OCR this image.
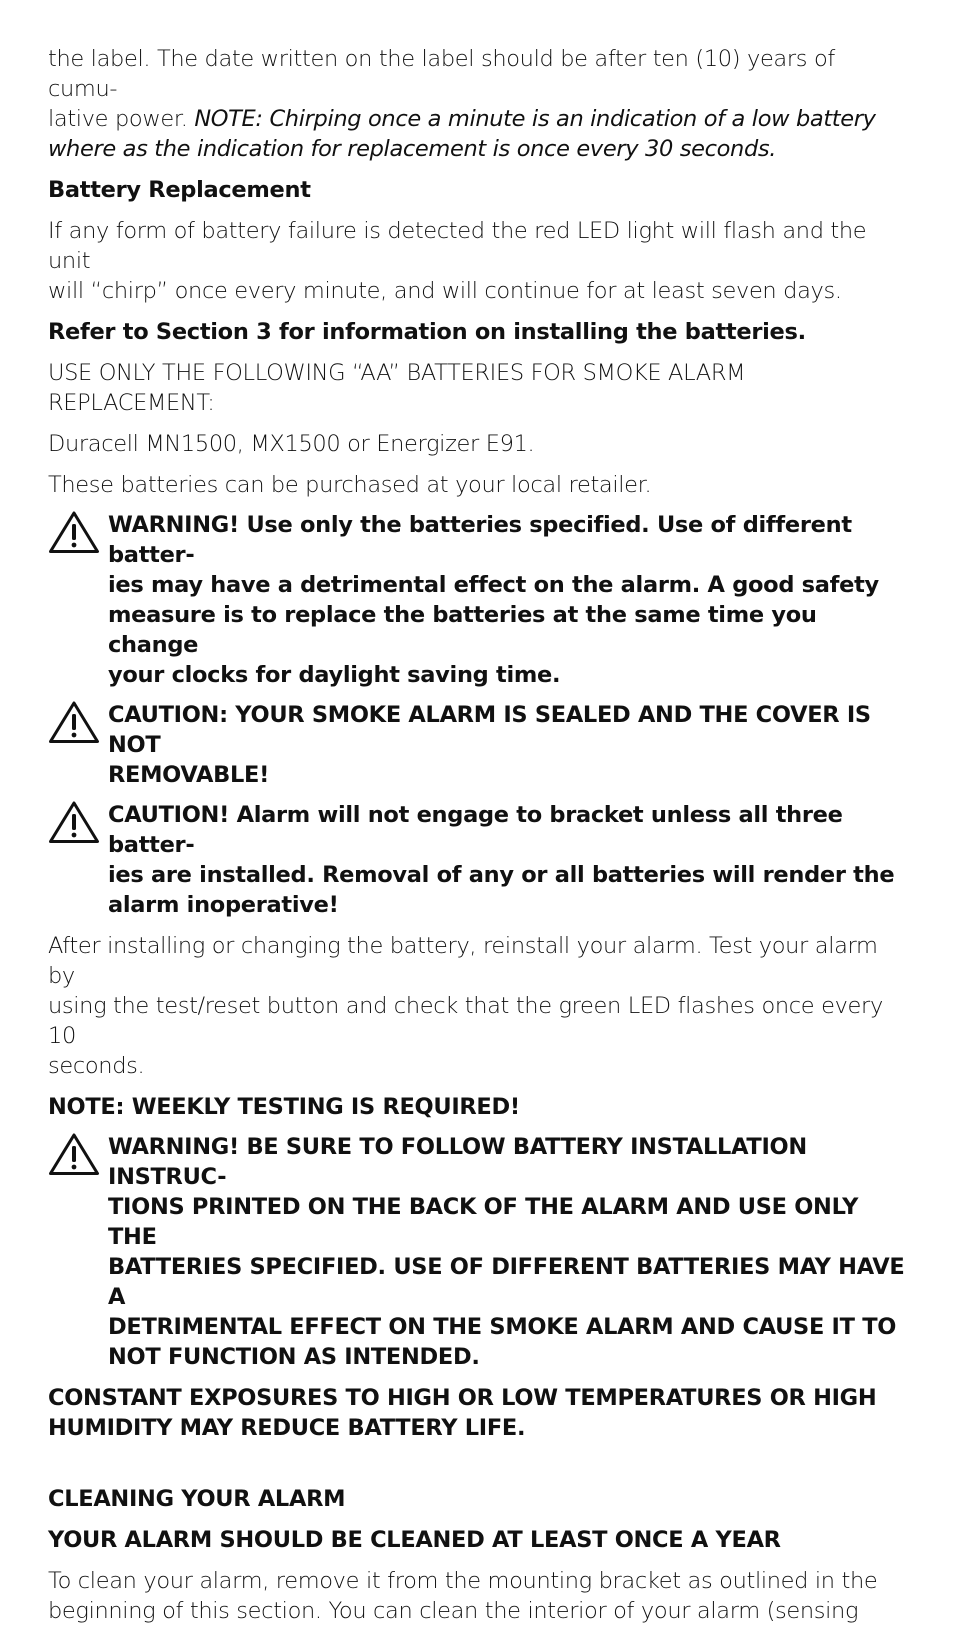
the label. The date written on the label should be after ten (10) years of cumu-
lative power. NOTE: Chirping once a minute is an indication of a low battery
where as the indication for replacement is once every 30 seconds.

Battery Replacement

If any form of battery failure is detected the red LED light will flash and the unit
will “chirp” once every minute, and will continue for at least seven days.

Refer to Section 3 for information on installing the batteries.

USE ONLY THE FOLLOWING “AA” BATTERIES FOR SMOKE ALARM REPLACEMENT:

Duracell MN1500, MX1500 or Energizer E91.

These batteries can be purchased at your local retailer.

WARNING! Use only the batteries specified. Use of different batter-
ies may have a detrimental effect on the alarm. A good safety
measure is to replace the batteries at the same time you change
your clocks for daylight saving time.
CAUTION: YOUR SMOKE ALARM IS SEALED AND THE COVER IS NOT
REMOVABLE!
CAUTION! Alarm will not engage to bracket unless all three batter-
ies are installed. Removal of any or all batteries will render the
alarm inoperative!

After installing or changing the battery, reinstall your alarm. Test your alarm by
using the test/reset button and check that the green LED flashes once every 10
seconds.

NOTE: WEEKLY TESTING IS REQUIRED!

WARNING! BE SURE TO FOLLOW BATTERY INSTALLATION INSTRUC-
TIONS PRINTED ON THE BACK OF THE ALARM AND USE ONLY THE
BATTERIES SPECIFIED. USE OF DIFFERENT BATTERIES MAY HAVE A
DETRIMENTAL EFFECT ON THE SMOKE ALARM AND CAUSE IT TO
NOT FUNCTION AS INTENDED.

CONSTANT EXPOSURES TO HIGH OR LOW TEMPERATURES OR HIGH
HUMIDITY MAY REDUCE BATTERY LIFE.

CLEANING YOUR ALARM

YOUR ALARM SHOULD BE CLEANED AT LEAST ONCE A YEAR

To clean your alarm, remove it from the mounting bracket as outlined in the
beginning of this section. You can clean the interior of your alarm (sensing
